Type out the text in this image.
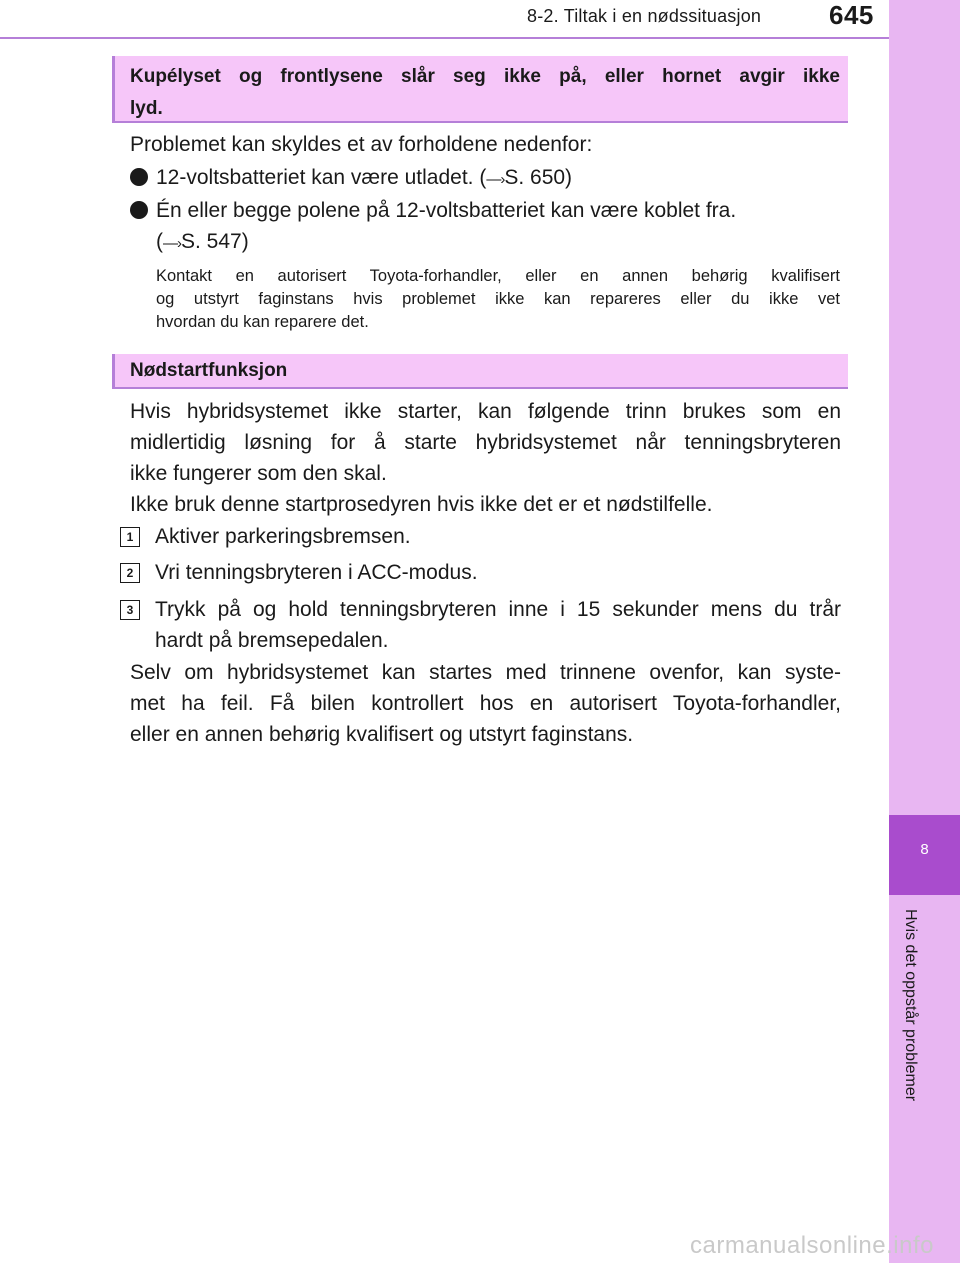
8-2. Tiltak i en nødssituasjon	645
8
Hvis det oppstår problemer
Kupélyset og frontlysene slår seg ikke på, eller hornet avgir ikke
lyd.
Problemet kan skyldes et av forholdene nedenfor:
12-voltsbatteriet kan være utladet. (—›S. 650)
Én eller begge polene på 12-voltsbatteriet kan være koblet fra.
(—›S. 547)
Kontakt en autorisert Toyota-forhandler, eller en annen behørig kvalifisert
og utstyrt faginstans hvis problemet ikke kan repareres eller du ikke vet
hvordan du kan reparere det.
Nødstartfunksjon
Hvis hybridsystemet ikke starter, kan følgende trinn brukes som en
midlertidig løsning for å starte hybridsystemet når tenningsbryteren
ikke fungerer som den skal.
Ikke bruk denne startprosedyren hvis ikke det er et nødstilfelle.
1	Aktiver parkeringsbremsen.
2	Vri tenningsbryteren i ACC-modus.
3	Trykk på og hold tenningsbryteren inne i 15 sekunder mens du trår
hardt på bremsepedalen.
Selv om hybridsystemet kan startes med trinnene ovenfor, kan syste-
met ha feil. Få bilen kontrollert hos en autorisert Toyota-forhandler,
eller en annen behørig kvalifisert og utstyrt faginstans.
carmanualsonline.info
